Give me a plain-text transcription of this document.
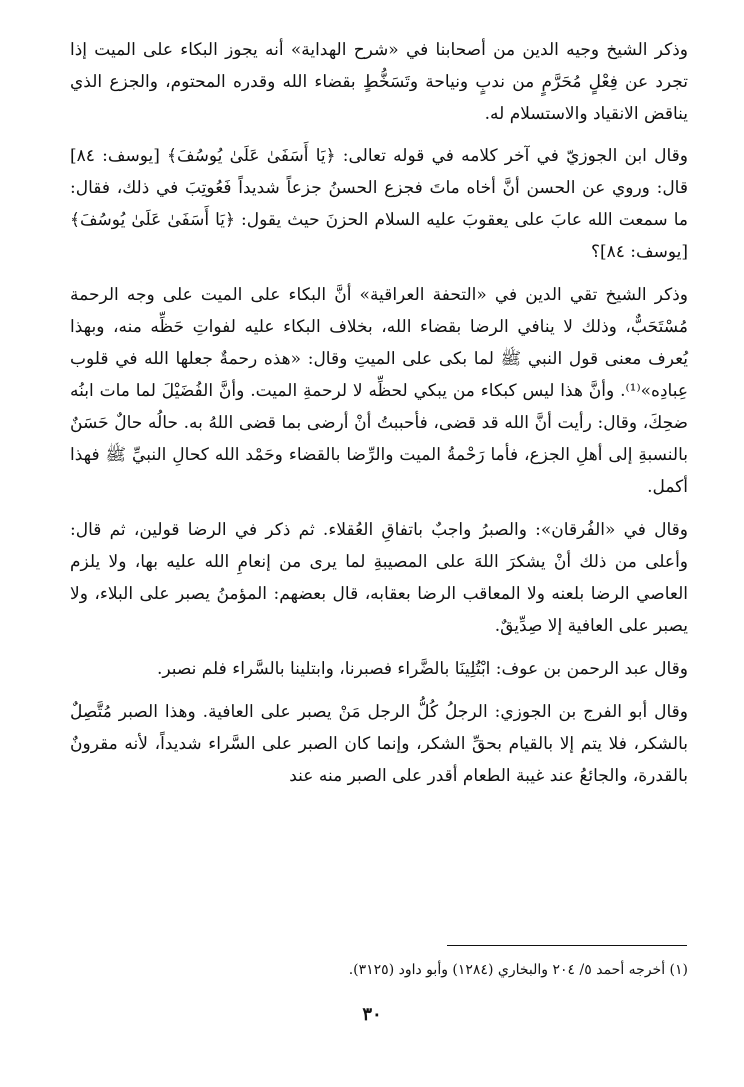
وذكر الشيخ وجيه الدين من أصحابنا في «شرح الهداية» أنه يجوز البكاء على الميت إذا تجرد عن فِعْلٍ مُحَرَّمٍ من ندبٍ ونياحة وتَسَخُّطٍ بقضاء الله وقدره المحتوم، والجزع الذي يناقض الانقياد والاستسلام له.

وقال ابن الجوزيّ في آخر كلامه في قوله تعالى: ﴿يَا أَسَفَىٰ عَلَىٰ يُوسُفَ﴾ [يوسف: ٨٤] قال: وروي عن الحسن أنَّ أخاه ماتَ فجزع الحسنُ جزعاً شديداً فَعُوتِبَ في ذلك، فقال: ما سمعت الله عابَ على يعقوبَ عليه السلام الحزنَ حيث يقول: ﴿يَا أَسَفَىٰ عَلَىٰ يُوسُفَ﴾ [يوسف: ٨٤]؟

وذكر الشيخ تقي الدين في «التحفة العراقية» أنَّ البكاء على الميت على وجه الرحمة مُسْتَحَبٌّ، وذلك لا ينافي الرضا بقضاء الله، بخلاف البكاء عليه لفواتِ حَظِّه منه، وبهذا يُعرف معنى قول النبي ﷺ لما بكى على الميتِ وقال: «هذه رحمةٌ جعلها الله في قلوب عِبادِه»⁽¹⁾. وأنَّ هذا ليس كبكاء من يبكي لحظِّه لا لرحمةِ الميت. وأنَّ الفُضَيْلَ لما مات ابنُه ضحِكَ، وقال: رأيت أنَّ الله قد قضى، فأحببتُ أنْ أرضى بما قضى اللهُ به. حالُه حالٌ حَسَنٌ بالنسبةِ إلى أهلِ الجزع، فأما رَحْمةُ الميت والرِّضا بالقضاء وحَمْد الله كحالِ النبيِّ ﷺ فهذا أكمل.

وقال في «الفُرقان»: والصبرُ واجبٌ باتفاقِ العُقلاء. ثم ذكر في الرضا قولين، ثم قال: وأعلى من ذلك أنْ يشكرَ اللهَ على المصيبةِ لما يرى من إنعامِ الله عليه بها، ولا يلزم العاصي الرضا بلعنه ولا المعاقب الرضا بعقابه، قال بعضهم: المؤمنُ يصبر على البلاء، ولا يصبر على العافية إلا صِدِّيقٌ.

وقال عبد الرحمن بن عوف: ابْتُلِينَا بالضَّراء فصبرنا، وابتلينا بالسَّراء فلم نصبر.

وقال أبو الفرج بن الجوزي: الرجلُ كُلُّ الرجل مَنْ يصبر على العافية. وهذا الصبر مُتَّصِلٌ بالشكر، فلا يتم إلا بالقيام بحقِّ الشكر، وإنما كان الصبر على السَّراء شديداً، لأنه مقرونٌ بالقدرة، والجائعُ عند غيبة الطعام أقدر على الصبر منه عند

(١) أخرجه أحمد ٥/ ٢٠٤ والبخاري (١٢٨٤) وأبو داود (٣١٢٥).
٣٠
